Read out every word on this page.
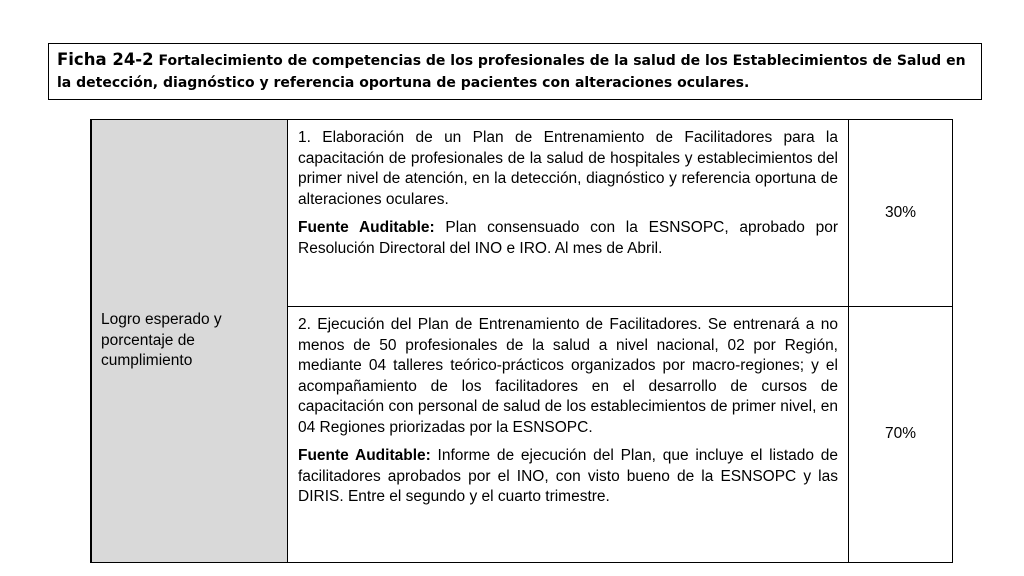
Ficha 24-2 Fortalecimiento de competencias de los profesionales de la salud de los Establecimientos de Salud en la detección, diagnóstico y referencia oportuna de pacientes con alteraciones oculares.
Logro esperado y porcentaje de cumplimiento	1. Elaboración de un Plan de Entrenamiento de Facilitadores para la capacitación de profesionales de la salud de hospitales y establecimientos del primer nivel de atención, en la detección, diagnóstico y referencia oportuna de alteraciones oculares.

Fuente Auditable: Plan consensuado con la ESNSOPC, aprobado por Resolución Directoral del INO e IRO. Al mes de Abril.	30%

	2. Ejecución del Plan de Entrenamiento de Facilitadores. Se entrenará a no menos de 50 profesionales de la salud a nivel nacional, 02 por Región, mediante 04 talleres teórico-prácticos organizados por macro-regiones; y el acompañamiento de los facilitadores en el desarrollo de cursos de capacitación con personal de salud de los establecimientos de primer nivel, en 04 Regiones priorizadas por la ESNSOPC.

Fuente Auditable: Informe de ejecución del Plan, que incluye el listado de facilitadores aprobados por el INO, con visto bueno de la ESNSOPC y las DIRIS. Entre el segundo y el cuarto trimestre.	70%
